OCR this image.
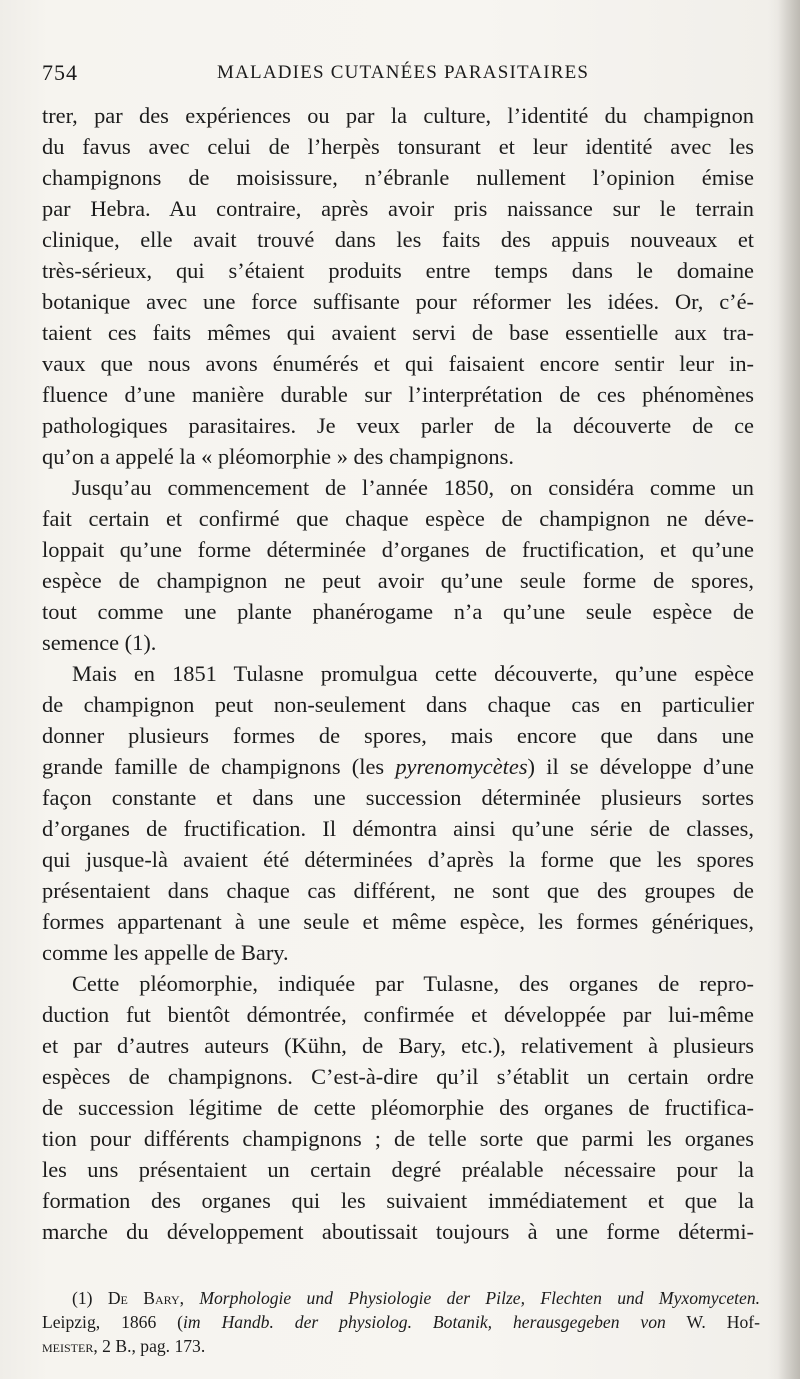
754	MALADIES CUTANÉES PARASITAIRES
trer, par des expériences ou par la culture, l’identité du champignon
du favus avec celui de l’herpès tonsurant et leur identité avec les
champignons de moisissure, n’ébranle nullement l’opinion émise
par Hebra. Au contraire, après avoir pris naissance sur le terrain
clinique, elle avait trouvé dans les faits des appuis nouveaux et
très-sérieux, qui s’étaient produits entre temps dans le domaine
botanique avec une force suffisante pour réformer les idées. Or, c’é-
taient ces faits mêmes qui avaient servi de base essentielle aux tra-
vaux que nous avons énumérés et qui faisaient encore sentir leur in-
fluence d’une manière durable sur l’interprétation de ces phénomènes
pathologiques parasitaires. Je veux parler de la découverte de ce
qu’on a appelé la « pléomorphie » des champignons.
Jusqu’au commencement de l’année 1850, on considéra comme un
fait certain et confirmé que chaque espèce de champignon ne déve-
loppait qu’une forme déterminée d’organes de fructification, et qu’une
espèce de champignon ne peut avoir qu’une seule forme de spores,
tout comme une plante phanérogame n’a qu’une seule espèce de
semence (1).
Mais en 1851 Tulasne promulgua cette découverte, qu’une espèce
de champignon peut non-seulement dans chaque cas en particulier
donner plusieurs formes de spores, mais encore que dans une
grande famille de champignons (les pyrenomycètes) il se développe d’une
façon constante et dans une succession déterminée plusieurs sortes
d’organes de fructification. Il démontra ainsi qu’une série de classes,
qui jusque-là avaient été déterminées d’après la forme que les spores
présentaient dans chaque cas différent, ne sont que des groupes de
formes appartenant à une seule et même espèce, les formes génériques,
comme les appelle de Bary.
Cette pléomorphie, indiquée par Tulasne, des organes de repro-
duction fut bientôt démontrée, confirmée et développée par lui-même
et par d’autres auteurs (Kühn, de Bary, etc.), relativement à plusieurs
espèces de champignons. C’est-à-dire qu’il s’établit un certain ordre
de succession légitime de cette pléomorphie des organes de fructifica-
tion pour différents champignons ; de telle sorte que parmi les organes
les uns présentaient un certain degré préalable nécessaire pour la
formation des organes qui les suivaient immédiatement et que la
marche du développement aboutissait toujours à une forme détermi-
(1) De Bary, Morphologie und Physiologie der Pilze, Flechten und Myxomyceten.
Leipzig, 1866 (im Handb. der physiolog. Botanik, herausgegeben von W. Hof-
meister, 2 B., pag. 173.
